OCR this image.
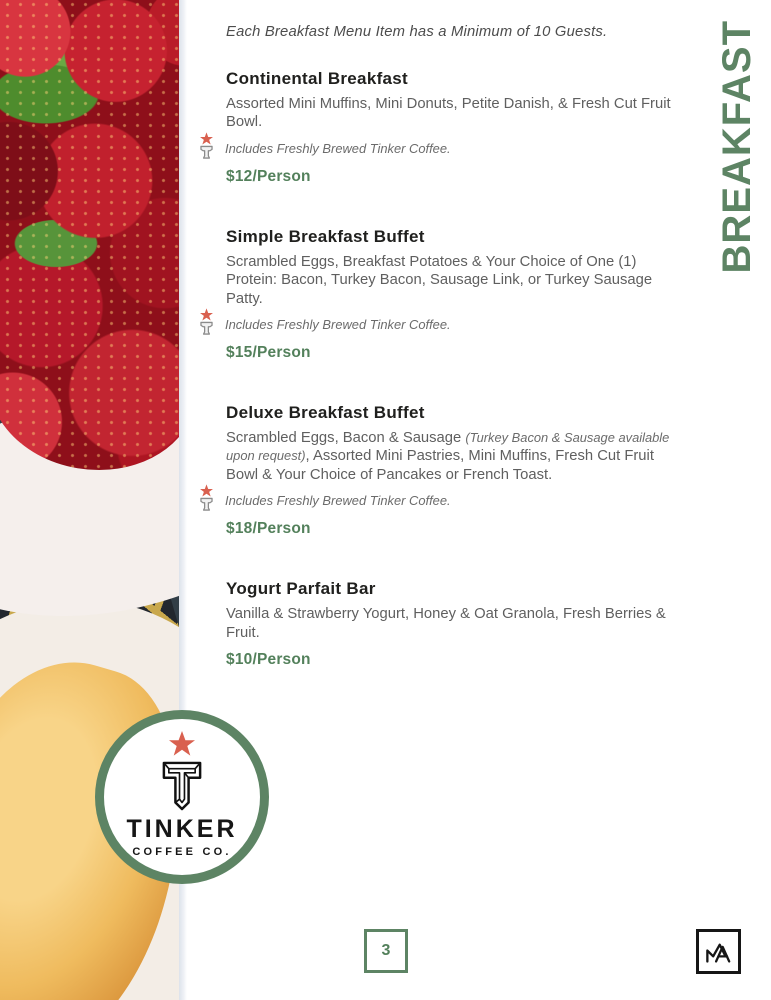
Each Breakfast Menu Item has a Minimum of 10 Guests.

Continental Breakfast

Assorted Mini Muffins, Mini Donuts, Petite Danish, & Fresh Cut Fruit Bowl.

Includes Freshly Brewed Tinker Coffee.

$12/Person

Simple Breakfast Buffet

Scrambled Eggs, Breakfast Potatoes & Your Choice of One (1) Protein: Bacon, Turkey Bacon, Sausage Link, or Turkey Sausage Patty.

Includes Freshly Brewed Tinker Coffee.

$15/Person

Deluxe Breakfast Buffet

Scrambled Eggs, Bacon & Sausage (Turkey Bacon & Sausage available upon request), Assorted Mini Pastries, Mini Muffins, Fresh Cut Fruit Bowl & Your Choice of Pancakes or French Toast.

Includes Freshly Brewed Tinker Coffee.

$18/Person

Yogurt Parfait Bar

Vanilla & Strawberry Yogurt, Honey & Oat Granola, Fresh Berries & Fruit.

$10/Person

BREAKFAST
TINKER
COFFEE CO.
3
